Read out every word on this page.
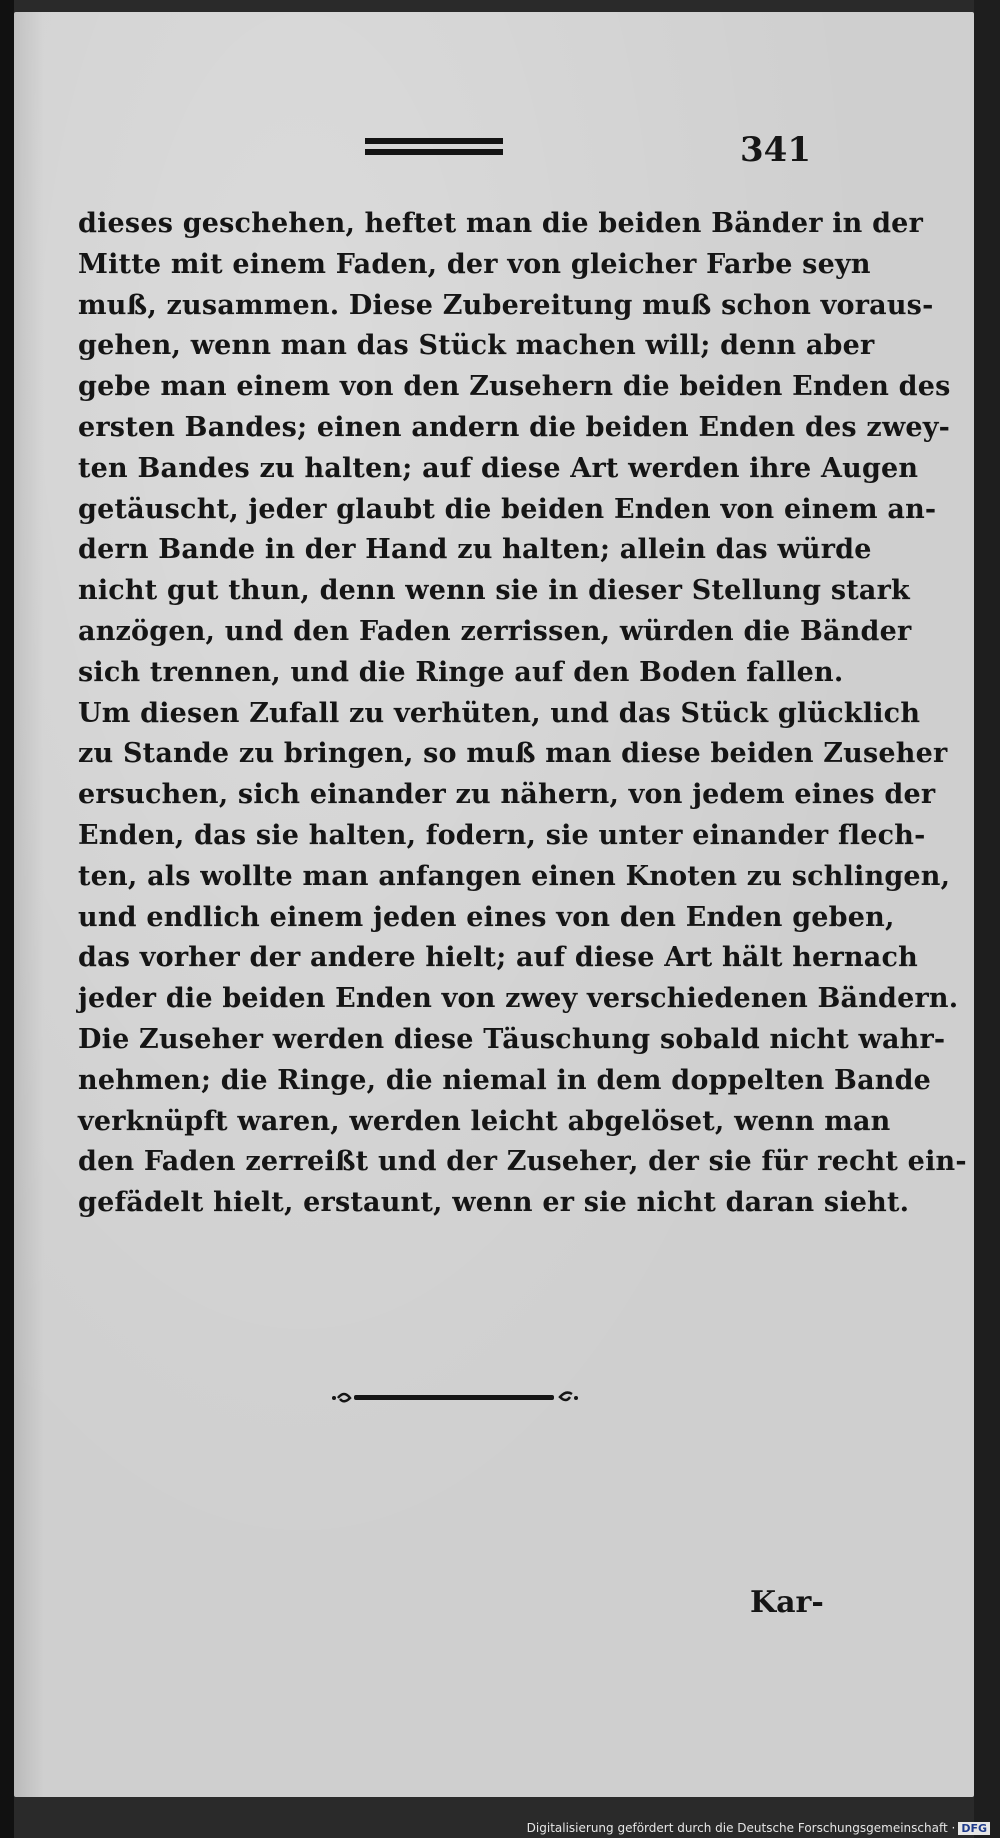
341
dieses geschehen, heftet man die beiden Bänder in der
Mitte mit einem Faden, der von gleicher Farbe seyn
muß, zusammen. Diese Zubereitung muß schon voraus-
gehen, wenn man das Stück machen will; denn aber
gebe man einem von den Zusehern die beiden Enden des
ersten Bandes; einen andern die beiden Enden des zwey-
ten Bandes zu halten; auf diese Art werden ihre Augen
getäuscht, jeder glaubt die beiden Enden von einem an-
dern Bande in der Hand zu halten; allein das würde
nicht gut thun, denn wenn sie in dieser Stellung stark
anzögen, und den Faden zerrissen, würden die Bänder
sich trennen, und die Ringe auf den Boden fallen.
Um diesen Zufall zu verhüten, und das Stück glücklich
zu Stande zu bringen, so muß man diese beiden Zuseher
ersuchen, sich einander zu nähern, von jedem eines der
Enden, das sie halten, fodern, sie unter einander flech-
ten, als wollte man anfangen einen Knoten zu schlingen,
und endlich einem jeden eines von den Enden geben,
das vorher der andere hielt; auf diese Art hält hernach
jeder die beiden Enden von zwey verschiedenen Bändern.
Die Zuseher werden diese Täuschung sobald nicht wahr-
nehmen; die Ringe, die niemal in dem doppelten Bande
verknüpft waren, werden leicht abgelöset, wenn man
den Faden zerreißt und der Zuseher, der sie für recht ein-
gefädelt hielt, erstaunt, wenn er sie nicht daran sieht.
Kar-
Digitalisierung gefördert durch die Deutsche Forschungsgemeinschaft · DFG
